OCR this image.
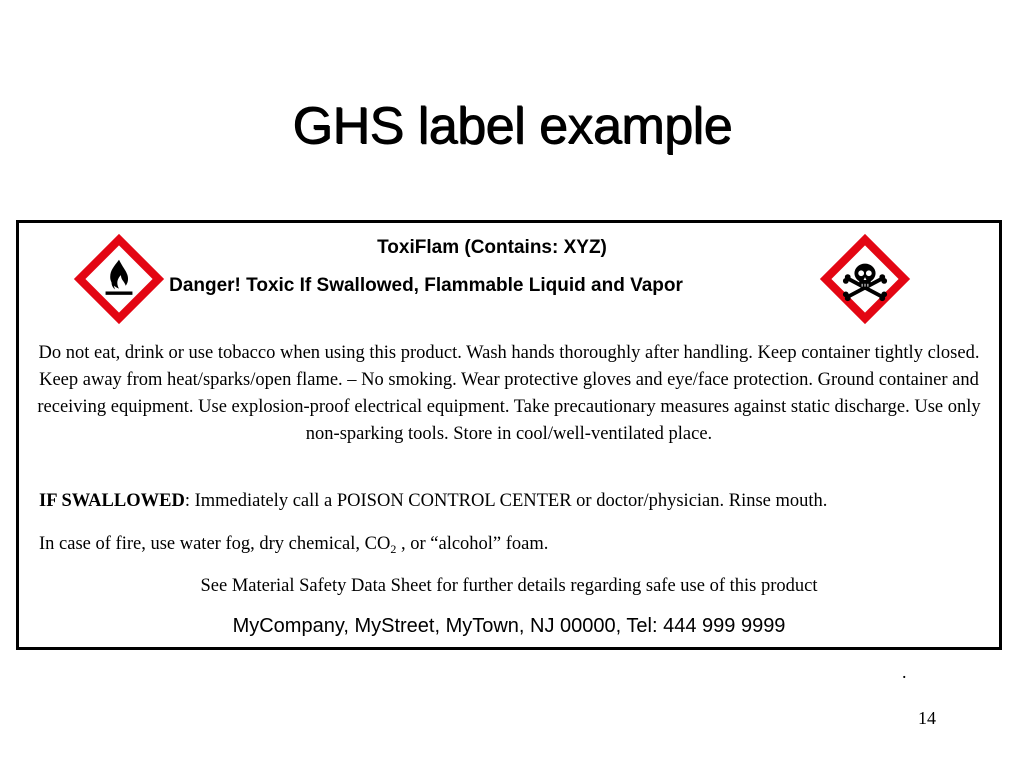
GHS label example
ToxiFlam (Contains: XYZ)
Danger! Toxic If Swallowed, Flammable Liquid and Vapor
Do not eat, drink or use tobacco when using this product. Wash hands thoroughly after handling. Keep container tightly closed. Keep away from heat/sparks/open flame. – No smoking. Wear protective gloves and eye/face protection. Ground container and receiving equipment. Use explosion-proof electrical equipment. Take precautionary measures against static discharge. Use only non-sparking tools. Store in cool/well-ventilated place.
IF SWALLOWED: Immediately call a POISON CONTROL CENTER or doctor/physician. Rinse mouth.
In case of fire, use water fog, dry chemical, $CO_2$ , or “alcohol” foam.
See Material Safety Data Sheet for further details regarding safe use of this product
MyCompany, MyStreet, MyTown, NJ 00000, Tel: 444 999 9999
.
14
